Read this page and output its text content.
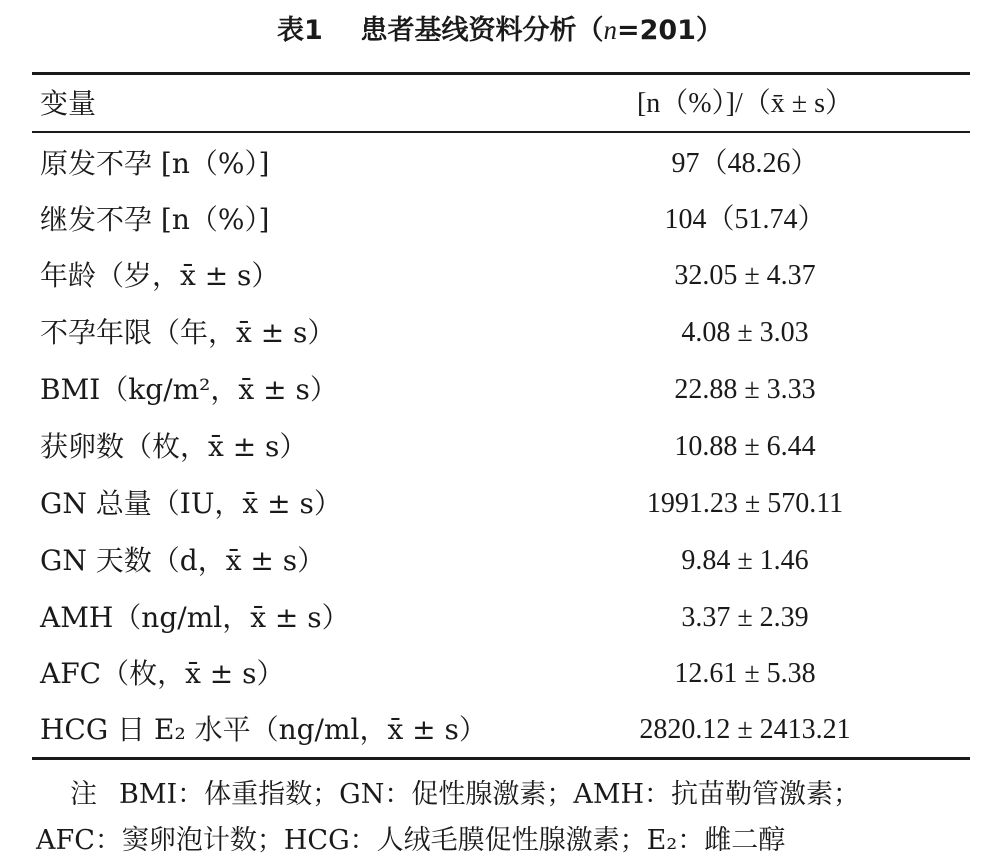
表1 患者基线资料分析（n=201）
变量	[n（%）]/（x̄ ± s）
原发不孕 [n（%）]	97（48.26）
继发不孕 [n（%）]	104（51.74）
年龄（岁，x̄ ± s）	32.05 ± 4.37
不孕年限（年，x̄ ± s）	4.08 ± 3.03
BMI（kg/m²，x̄ ± s）	22.88 ± 3.33
获卵数（枚，x̄ ± s）	10.88 ± 6.44
GN 总量（IU，x̄ ± s）	1991.23 ± 570.11
GN 天数（d，x̄ ± s）	9.84 ± 1.46
AMH（ng/ml，x̄ ± s）	3.37 ± 2.39
AFC（枚，x̄ ± s）	12.61 ± 5.38
HCG 日 E₂ 水平（ng/ml，x̄ ± s）	2820.12 ± 2413.21
注 BMI：体重指数；GN：促性腺激素；AMH：抗苗勒管激素；
AFC：窦卵泡计数；HCG：人绒毛膜促性腺激素；E₂：雌二醇
